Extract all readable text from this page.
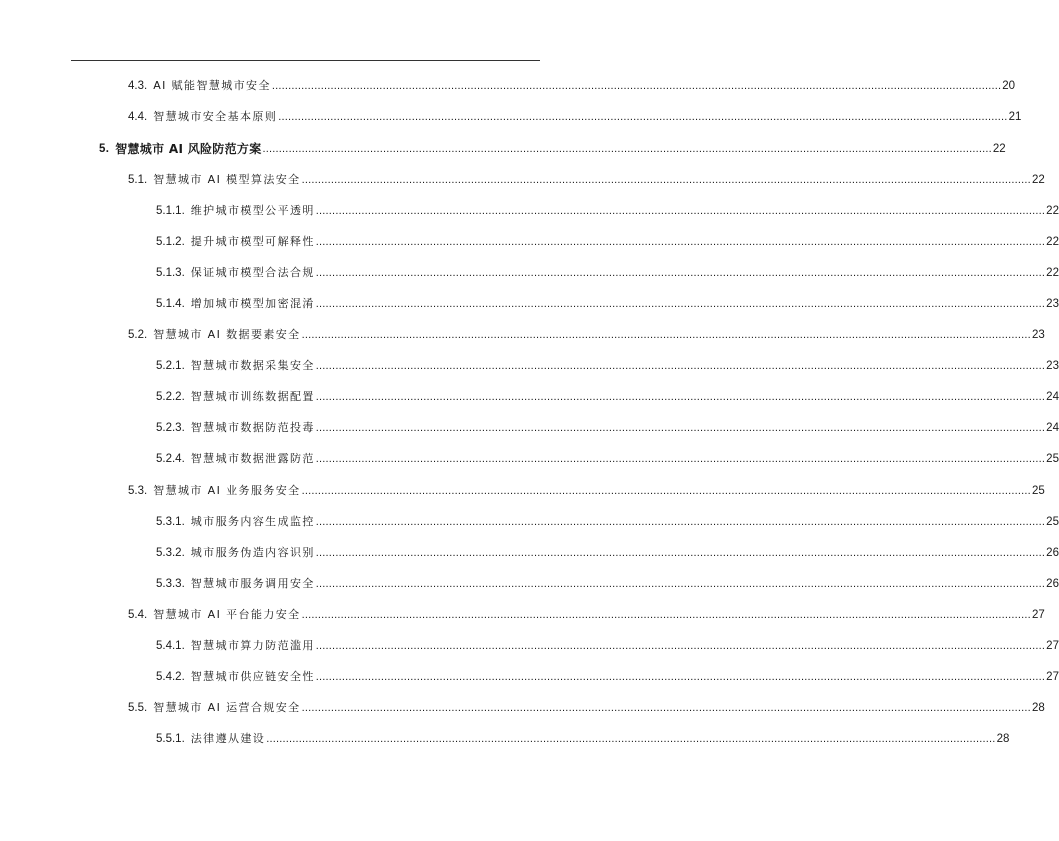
4.3. AI 赋能智慧城市安全 ................................................................................................................................................................................................................................ 20
4.4. 智慧城市安全基本原则 ................................................................................................................................................................................................................................ 21
5. 智慧城市 AI 风险防范方案 ................................................................................................................................................................................................................................ 22
5.1. 智慧城市 AI 模型算法安全 ................................................................................................................................................................................................................................ 22
5.1.1. 维护城市模型公平透明 ................................................................................................................................................................................................................................ 22
5.1.2. 提升城市模型可解释性 ................................................................................................................................................................................................................................ 22
5.1.3. 保证城市模型合法合规 ................................................................................................................................................................................................................................ 22
5.1.4. 增加城市模型加密混淆 ................................................................................................................................................................................................................................ 23
5.2. 智慧城市 AI 数据要素安全 ................................................................................................................................................................................................................................ 23
5.2.1. 智慧城市数据采集安全 ................................................................................................................................................................................................................................ 23
5.2.2. 智慧城市训练数据配置 ................................................................................................................................................................................................................................ 24
5.2.3. 智慧城市数据防范投毒 ................................................................................................................................................................................................................................ 24
5.2.4. 智慧城市数据泄露防范 ................................................................................................................................................................................................................................ 25
5.3. 智慧城市 AI 业务服务安全 ................................................................................................................................................................................................................................ 25
5.3.1. 城市服务内容生成监控 ................................................................................................................................................................................................................................ 25
5.3.2. 城市服务伪造内容识别 ................................................................................................................................................................................................................................ 26
5.3.3. 智慧城市服务调用安全 ................................................................................................................................................................................................................................ 26
5.4. 智慧城市 AI 平台能力安全 ................................................................................................................................................................................................................................ 27
5.4.1. 智慧城市算力防范滥用 ................................................................................................................................................................................................................................ 27
5.4.2. 智慧城市供应链安全性 ................................................................................................................................................................................................................................ 27
5.5. 智慧城市 AI 运营合规安全 ................................................................................................................................................................................................................................ 28
5.5.1. 法律遵从建设 ................................................................................................................................................................................................................................ 28
